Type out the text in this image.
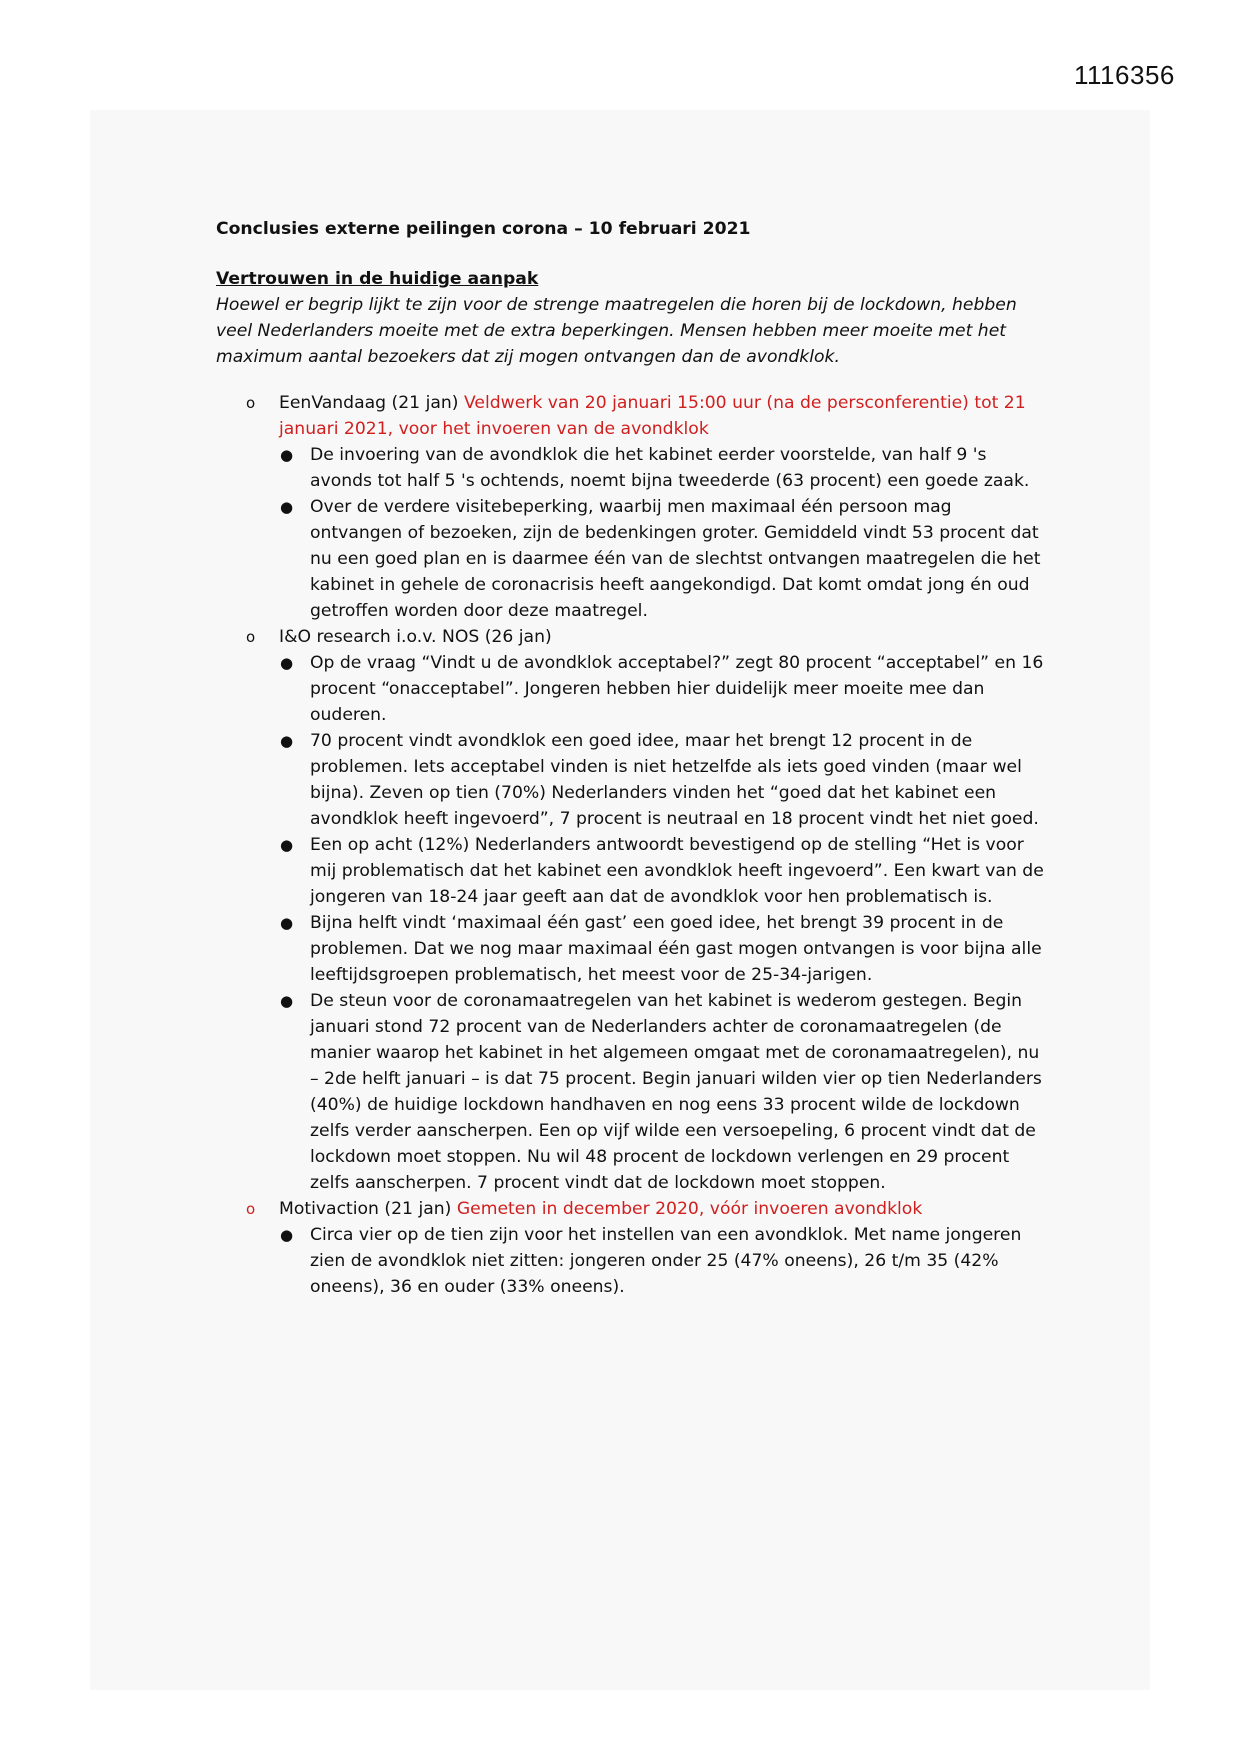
1116356
Conclusies externe peilingen corona – 10 februari 2021
Vertrouwen in de huidige aanpak
Hoewel er begrip lijkt te zijn voor de strenge maatregelen die horen bij de lockdown, hebben veel Nederlanders moeite met de extra beperkingen. Mensen hebben meer moeite met het maximum aantal bezoekers dat zij mogen ontvangen dan de avondklok.
o EenVandaag (21 jan) Veldwerk van 20 januari 15:00 uur (na de persconferentie) tot 21 januari 2021, voor het invoeren van de avondklok
● De invoering van de avondklok die het kabinet eerder voorstelde, van half 9 's avonds tot half 5 's ochtends, noemt bijna tweederde (63 procent) een goede zaak.
● Over de verdere visitebeperking, waarbij men maximaal één persoon mag ontvangen of bezoeken, zijn de bedenkingen groter. Gemiddeld vindt 53 procent dat nu een goed plan en is daarmee één van de slechtst ontvangen maatregelen die het kabinet in gehele de coronacrisis heeft aangekondigd. Dat komt omdat jong én oud getroffen worden door deze maatregel.
o I&O research i.o.v. NOS (26 jan)
● Op de vraag “Vindt u de avondklok acceptabel?” zegt 80 procent “acceptabel” en 16 procent “onacceptabel”. Jongeren hebben hier duidelijk meer moeite mee dan ouderen.
● 70 procent vindt avondklok een goed idee, maar het brengt 12 procent in de problemen. Iets acceptabel vinden is niet hetzelfde als iets goed vinden (maar wel bijna). Zeven op tien (70%) Nederlanders vinden het “goed dat het kabinet een avondklok heeft ingevoerd”, 7 procent is neutraal en 18 procent vindt het niet goed.
● Een op acht (12%) Nederlanders antwoordt bevestigend op de stelling “Het is voor mij problematisch dat het kabinet een avondklok heeft ingevoerd”. Een kwart van de jongeren van 18-24 jaar geeft aan dat de avondklok voor hen problematisch is.
● Bijna helft vindt ‘maximaal één gast’ een goed idee, het brengt 39 procent in de problemen. Dat we nog maar maximaal één gast mogen ontvangen is voor bijna alle leeftijdsgroepen problematisch, het meest voor de 25-34-jarigen.
● De steun voor de coronamaatregelen van het kabinet is wederom gestegen. Begin januari stond 72 procent van de Nederlanders achter de coronamaatregelen (de manier waarop het kabinet in het algemeen omgaat met de coronamaatregelen), nu – 2de helft januari – is dat 75 procent. Begin januari wilden vier op tien Nederlanders (40%) de huidige lockdown handhaven en nog eens 33 procent wilde de lockdown zelfs verder aanscherpen. Een op vijf wilde een versoepeling, 6 procent vindt dat de lockdown moet stoppen. Nu wil 48 procent de lockdown verlengen en 29 procent zelfs aanscherpen. 7 procent vindt dat de lockdown moet stoppen.
o Motivaction (21 jan) Gemeten in december 2020, vóór invoeren avondklok
● Circa vier op de tien zijn voor het instellen van een avondklok. Met name jongeren zien de avondklok niet zitten: jongeren onder 25 (47% oneens), 26 t/m 35 (42% oneens), 36 en ouder (33% oneens).
